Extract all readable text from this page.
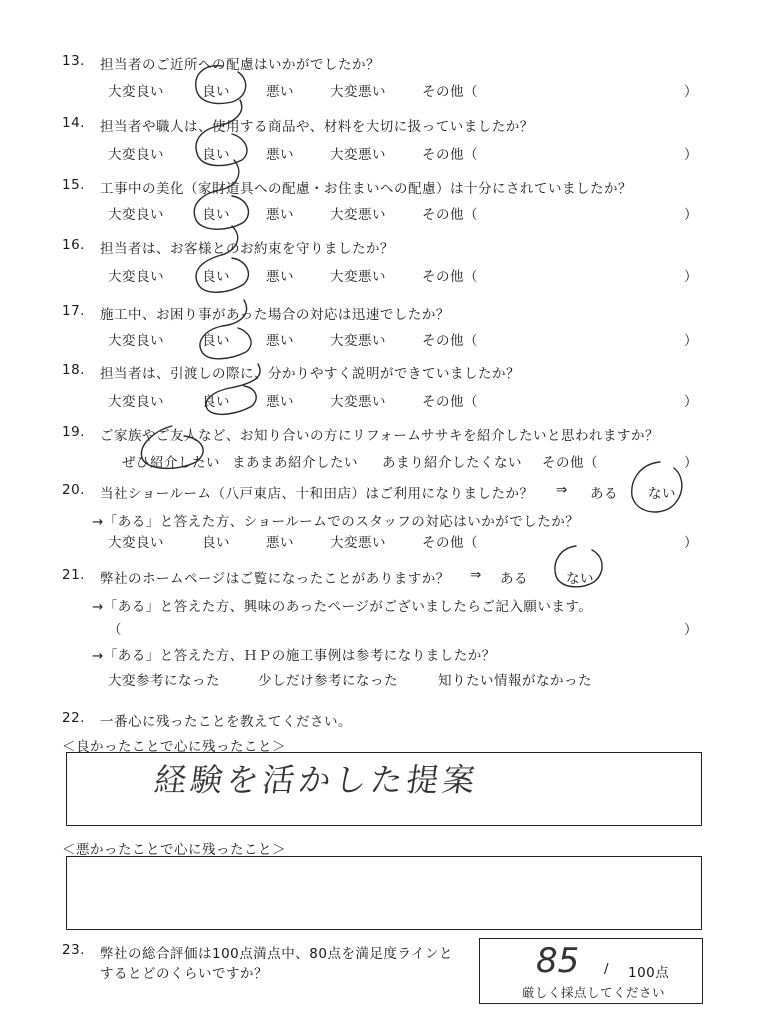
13. 担当者のご近所への配慮はいかがでしたか？
大変良い	良い	悪い	大変悪い	その他（	）
14. 担当者や職人は、使用する商品や、材料を大切に扱っていましたか？
大変良い	良い	悪い	大変悪い	その他（	）
15. 工事中の美化（家財道具への配慮・お住まいへの配慮）は十分にされていましたか？
大変良い	良い	悪い	大変悪い	その他（	）
16. 担当者は、お客様とのお約束を守りましたか？
大変良い	良い	悪い	大変悪い	その他（	）
17. 施工中、お困り事があった場合の対応は迅速でしたか？
大変良い	良い	悪い	大変悪い	その他（	）
18. 担当者は、引渡しの際に、分かりやすく説明ができていましたか？
大変良い	良い	悪い	大変悪い	その他（	）
19. ご家族やご友人など、お知り合いの方にリフォームササキを紹介したいと思われますか？
ぜひ紹介したい まあまあ紹介したい あまり紹介したくない その他（	）
20. 当社ショールーム（八戸東店、十和田店）はご利用になりましたか？ ⇒ ある ない
→「ある」と答えた方、ショールームでのスタッフの対応はいかがでしたか？
大変良い	良い	悪い	大変悪い	その他（	）
21. 弊社のホームページはご覧になったことがありますか？ ⇒ ある	ない
→「ある」と答えた方、興味のあったページがございましたらご記入願います。
（	）
→「ある」と答えた方、ＨＰの施工事例は参考になりましたか？
大変参考になった	少しだけ参考になった	知りたい情報がなかった
22. 一番心に残ったことを教えてください。
＜良かったことで心に残ったこと＞
経験を活かした提案
＜悪かったことで心に残ったこと＞
23. 弊社の総合評価は100点満点中、80点を満足度ラインと
するとどのくらいですか？	85 / 100点
厳しく採点してください
